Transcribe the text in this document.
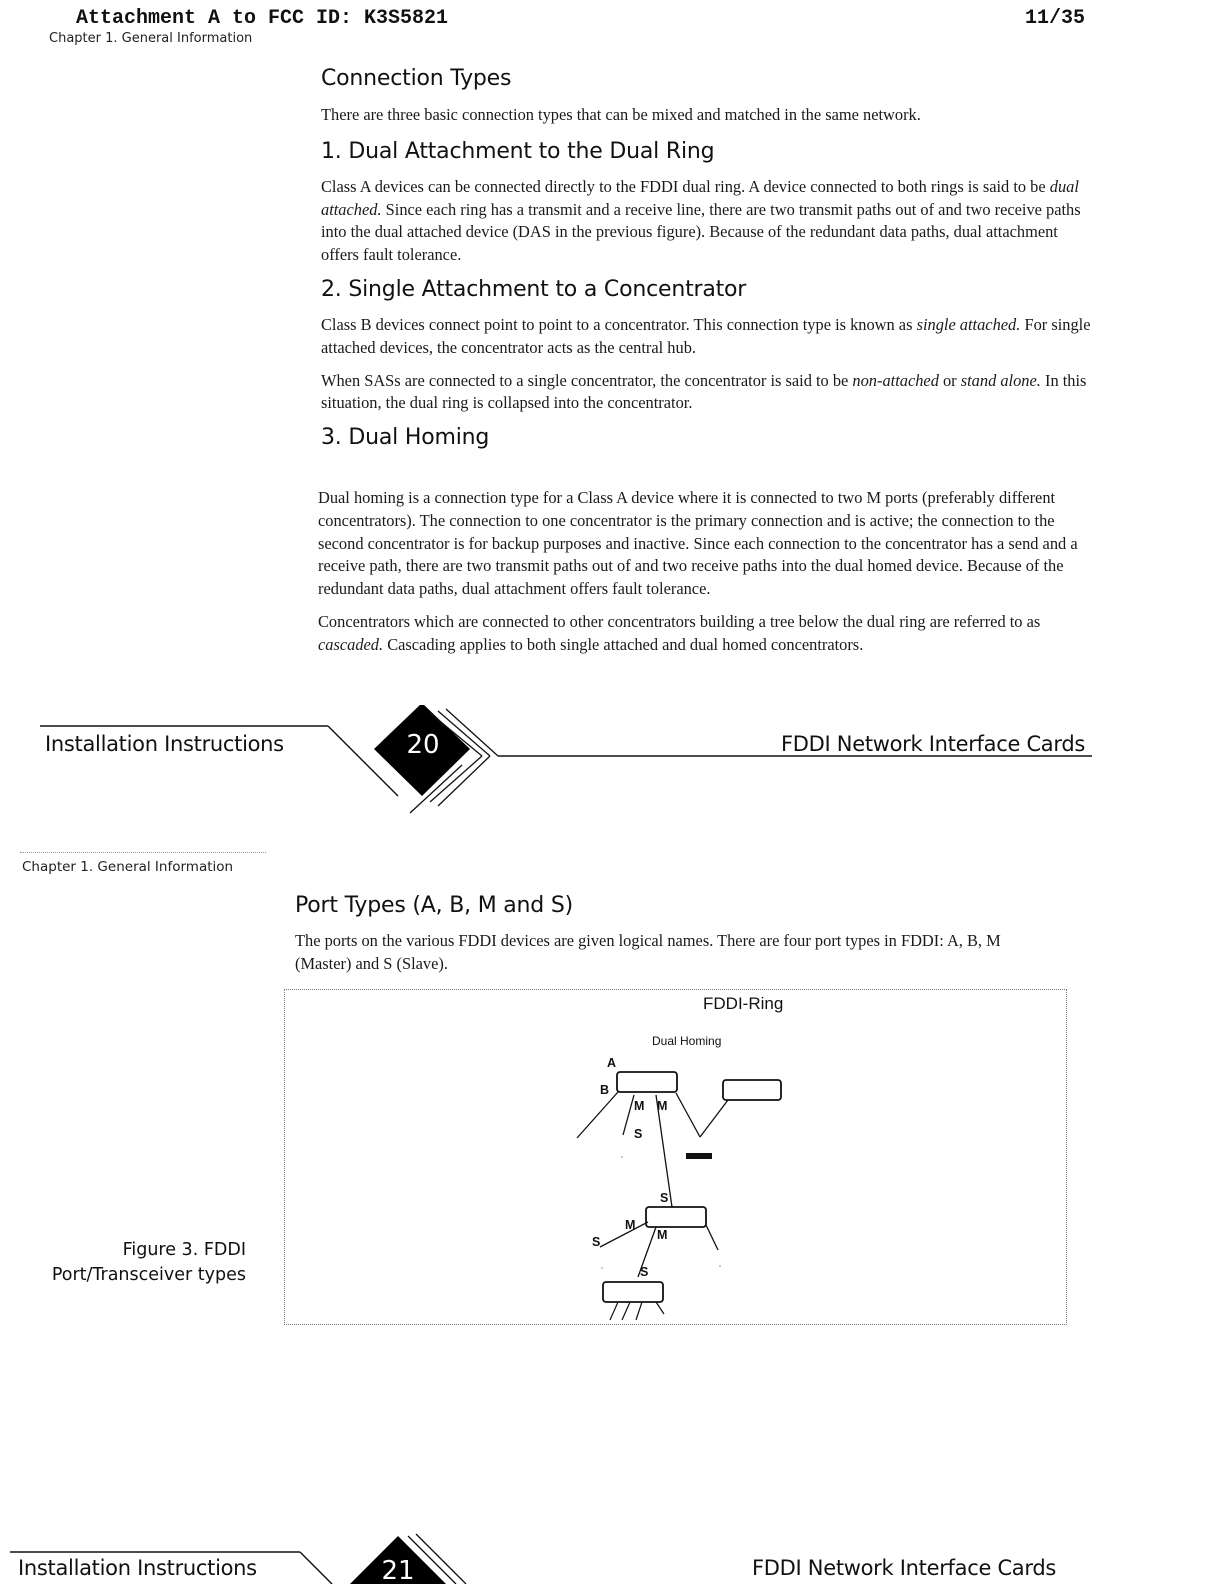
Attachment A to FCC ID: K3S5821	11/35
Chapter 1. General Information
Connection Types

There are three basic connection types that can be mixed and matched in the same network.

1. Dual Attachment to the Dual Ring

Class A devices can be connected directly to the FDDI dual ring. A device connected to both rings is said to be dual attached. Since each ring has a transmit and a receive line, there are two transmit paths out of and two receive paths into the dual attached device (DAS in the previous figure). Because of the redundant data paths, dual attachment offers fault tolerance.

2. Single Attachment to a Concentrator

Class B devices connect point to point to a concentrator. This connection type is known as single attached. For single attached devices, the concentrator acts as the central hub.

When SASs are connected to a single concentrator, the concentrator is said to be non-attached or stand alone. In this situation, the dual ring is collapsed into the concentrator.

3. Dual Homing

Dual homing is a connection type for a Class A device where it is connected to two M ports (preferably different concentrators). The connection to one concentrator is the primary connection and is active; the connection to the second concentrator is for backup purposes and inactive. Since each connection to the concentrator has a send and a receive path, there are two transmit paths out of and two receive paths into the dual homed device. Because of the redundant data paths, dual attachment offers fault tolerance.

Concentrators which are connected to other concentrators building a tree below the dual ring are referred to as cascaded. Cascading applies to both single attached and dual homed concentrators.

Installation Instructions	20	FDDI Network Interface Cards
Chapter 1. General Information
Port Types (A, B, M and S)

The ports on the various FDDI devices are given logical names. There are four port types in FDDI: A, B, M (Master) and S (Slave).

Figure 3. FDDI
Port/Transceiver types
FDDI-Ring
Dual Homing
A
B
M M
S
S
M
M
S
S
Installation Instructions	21	FDDI Network Interface Cards
